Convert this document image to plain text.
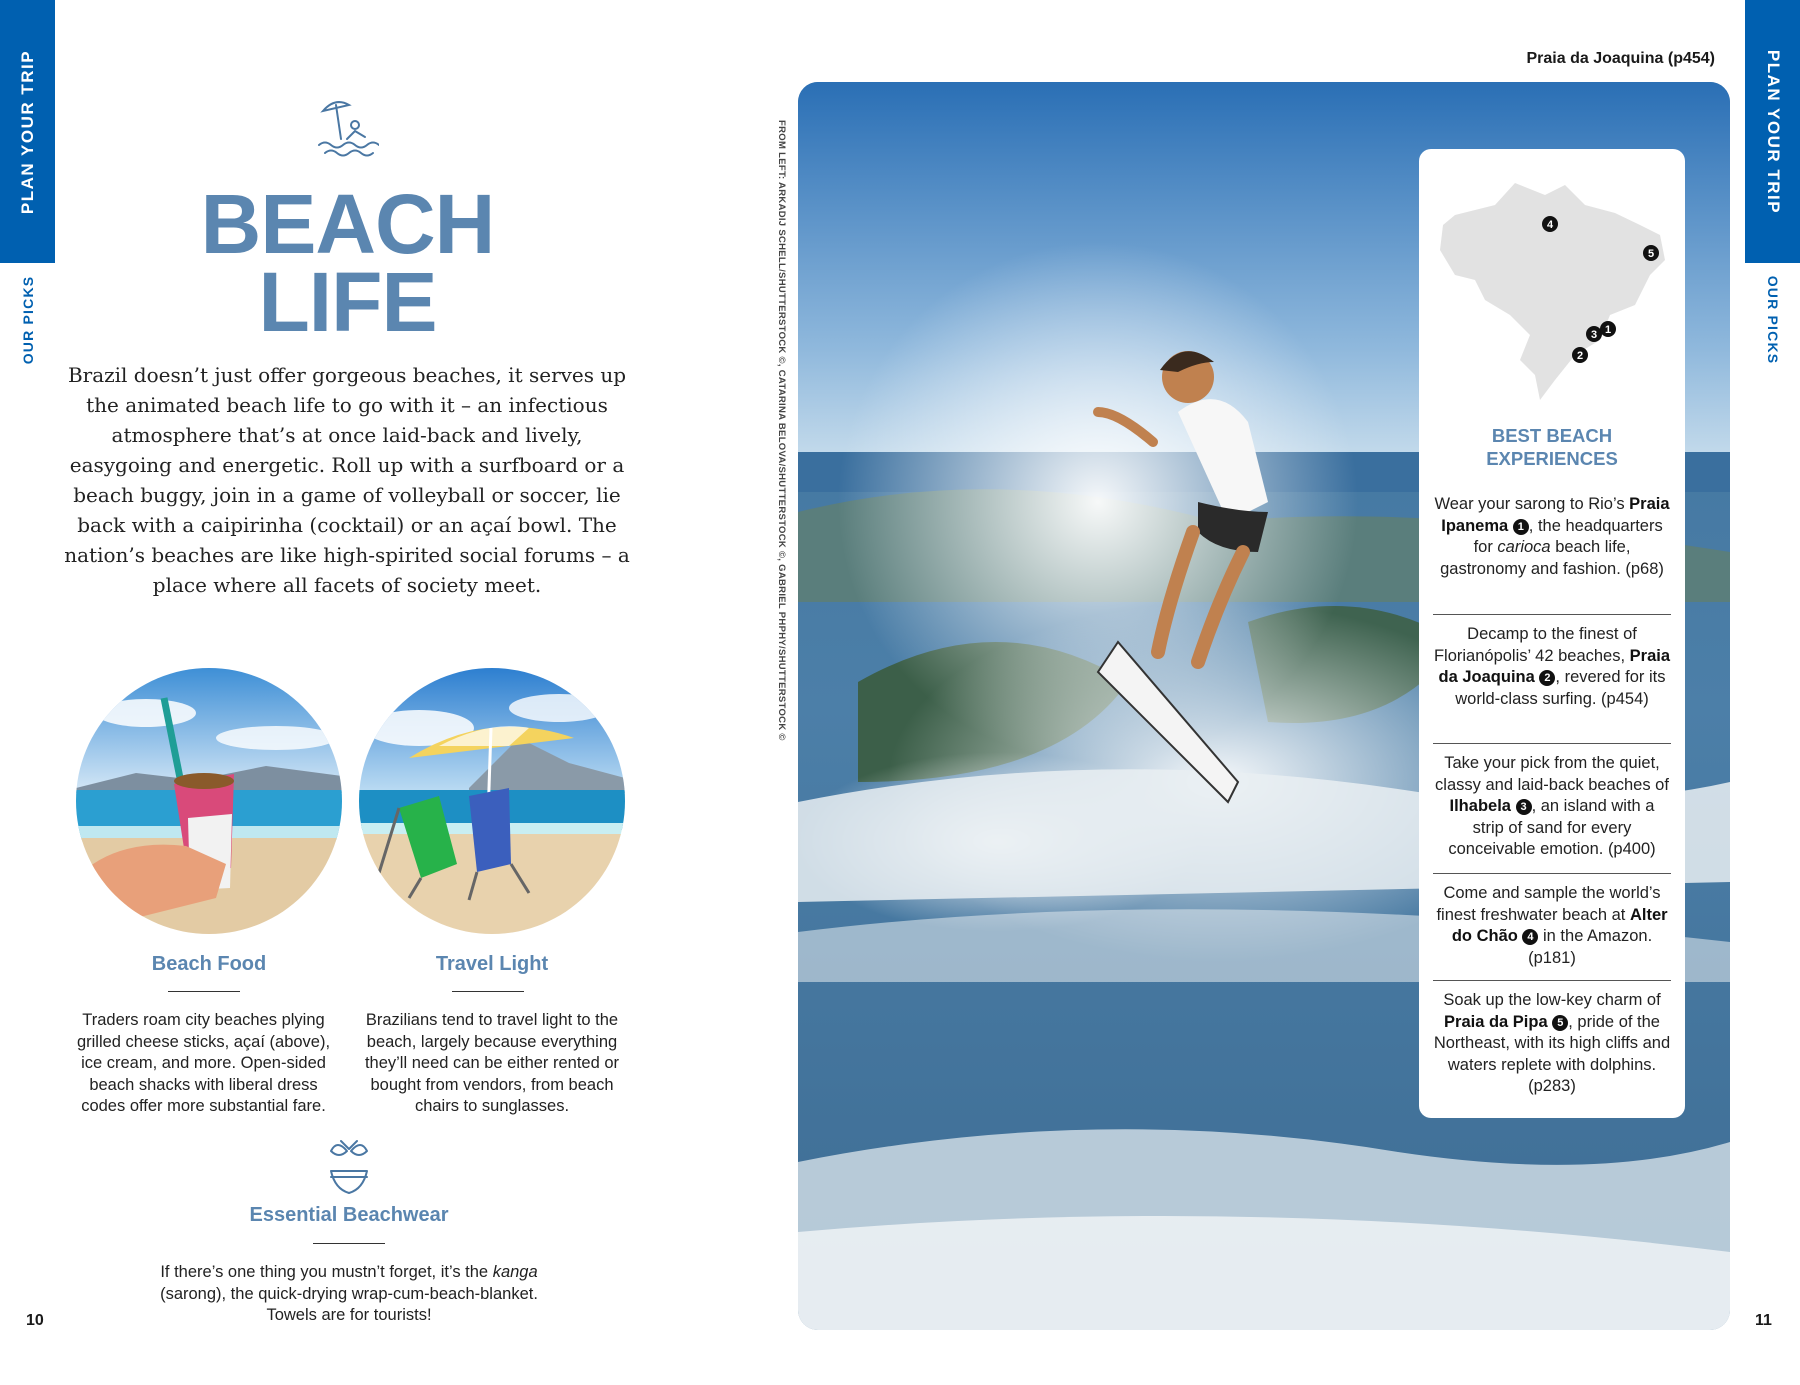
PLAN YOUR TRIP
OUR PICKS
PLAN YOUR TRIP
OUR PICKS
10	11
BEACH
LIFE

Brazil doesn’t just offer gorgeous beaches, it serves up the animated beach life to go with it – an infectious atmosphere that’s at once laid-back and lively, easygoing and energetic. Roll up with a surfboard or a beach buggy, join in a game of volleyball or soccer, lie back with a caipirinha (cocktail) or an açaí bowl. The nation’s beaches are like high-spirited social forums – a place where all facets of society meet.

Beach Food
Traders roam city beaches plying grilled cheese sticks, açaí (above), ice cream, and more. Open-sided beach shacks with liberal dress codes offer more substantial fare.
Travel Light
Brazilians tend to travel light to the beach, largely because everything they’ll need can be either rented or bought from vendors, from beach chairs to sunglasses.
Essential Beachwear
If there’s one thing you mustn’t forget, it’s the kanga (sarong), the quick-drying wrap-cum-beach-blanket. Towels are for tourists!
Praia da Joaquina (p454)
FROM LEFT: ARKADIJ SCHELL/SHUTTERSTOCK ©, CATARINA BELOVA/SHUTTERSTOCK ©, GABRIEL PHPHY/SHUTTERSTOCK ©	4
5
3 1
2
BEST BEACH
EXPERIENCES
Wear your sarong to Rio’s Praia Ipanema 1 , the headquarters for carioca beach life, gastronomy and fashion. (p68)
Decamp to the finest of Florianópolis’ 42 beaches, Praia da Joaquina 2 , revered for its world-class surfing. (p454)
Take your pick from the quiet, classy and laid-back beaches of Ilhabela 3 , an island with a strip of sand for every conceivable emotion. (p400)
Come and sample the world’s finest freshwater beach at Alter do Chão 4 in the Amazon. (p181)
Soak up the low-key charm of Praia da Pipa 5 , pride of the Northeast, with its high cliffs and waters replete with dolphins. (p283)
